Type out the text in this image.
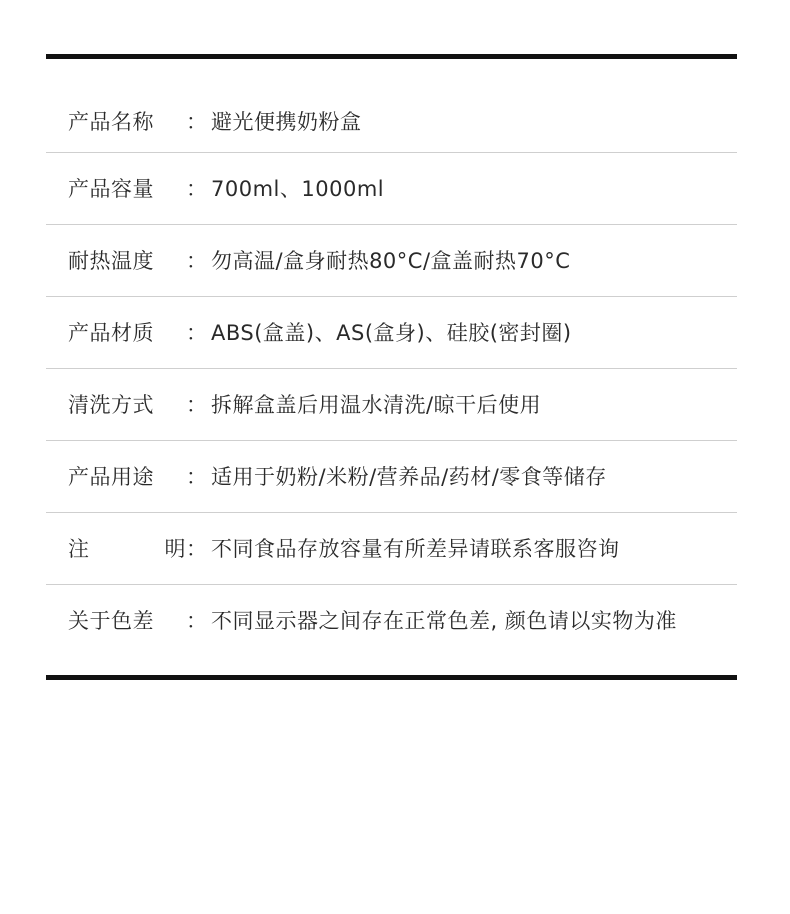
产品名称	： 避光便携奶粉盒
产品容量	： 700ml、1000ml
耐热温度	： 勿高温/盒身耐热80°C/盒盖耐热70°C
产品材质	： ABS(盒盖)、AS(盒身)、硅胶(密封圈)
清洗方式	： 拆解盒盖后用温水清洗/晾干后使用
产品用途	： 适用于奶粉/米粉/营养品/药材/零食等储存
注	明 ： 不同食品存放容量有所差异请联系客服咨询
关于色差	： 不同显示器之间存在正常色差, 颜色请以实物为准
